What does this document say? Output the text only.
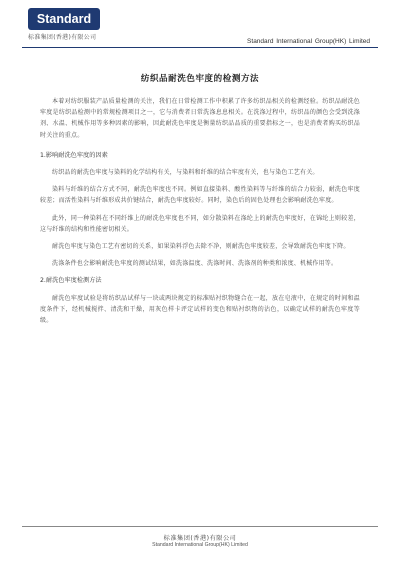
Standard
标准集团(香港)有限公司
Standard International Group(HK) Limited
纺织品耐洗色牢度的检测方法

本着对纺织服装产品质量检测的关注，我们在日常检测工作中积累了许多纺织品相关的检测经验。纺织品耐洗色牢度是纺织品检测中的常规检测项目之一，它与消费者日常洗涤息息相关。在洗涤过程中，纺织品的颜色会受到洗涤剂、水温、机械作用等多种因素的影响，因此耐洗色牢度是衡量纺织品品质的重要指标之一，也是消费者购买纺织品时关注的重点。

1.影响耐洗色牢度的因素

纺织品的耐洗色牢度与染料的化学结构有关，与染料和纤维的结合牢度有关，也与染色工艺有关。

染料与纤维的结合方式不同，耐洗色牢度也不同。例如直接染料、酸性染料等与纤维的结合力较弱，耐洗色牢度较差；而活性染料与纤维形成共价键结合，耐洗色牢度较好。同时，染色后的固色处理也会影响耐洗色牢度。

此外，同一种染料在不同纤维上的耐洗色牢度也不同，如分散染料在涤纶上的耐洗色牢度好，在锦纶上则较差，这与纤维的结构和性能密切相关。

耐洗色牢度与染色工艺有密切的关系，如果染料浮色去除不净，则耐洗色牢度较差，会导致耐洗色牢度下降。

洗涤条件也会影响耐洗色牢度的测试结果，如洗涤温度、洗涤时间、洗涤剂的种类和浓度、机械作用等。

2.耐洗色牢度检测方法

耐洗色牢度试验是将纺织品试样与一块或两块规定的标准贴衬织物缝合在一起，放在皂液中，在规定的时间和温度条件下，经机械搅拌、清洗和干燥，用灰色样卡评定试样的变色和贴衬织物的沾色，以确定试样的耐洗色牢度等级。

标准集团(香港)有限公司
Standard International Group(HK) Limited
